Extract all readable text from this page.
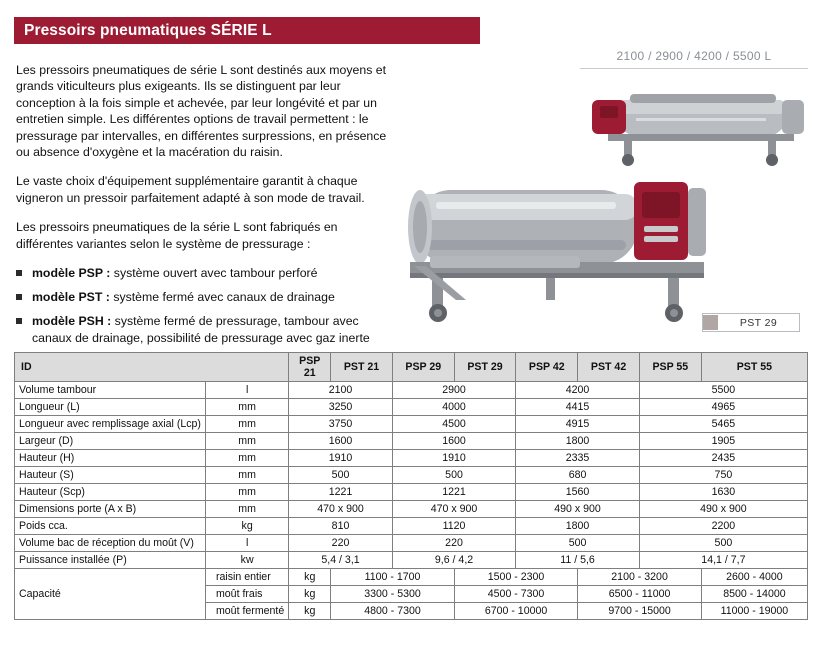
Pressoirs pneumatiques SÉRIE L
2100 / 2900 / 4200 / 5500 L

Les pressoirs pneumatiques de série L sont destinés aux moyens et grands viticulteurs plus exigeants. Ils se distinguent par leur conception à la fois simple et achevée, par leur longévité et par un entretien simple. Les différentes options de travail permettent : le pressurage par intervalles, en différentes surpressions, en présence ou absence d'oxygène et la macération du raisin.

Le vaste choix d'équipement supplémentaire garantit à chaque vigneron un pressoir parfaitement adapté à son mode de travail.

Les pressoirs pneumatiques de la série L sont fabriqués en différentes variantes selon le système de pressurage :

modèle PSP : système ouvert avec tambour perforé
modèle PST : système fermé avec canaux de drainage
modèle PSH : système fermé de pressurage, tambour avec canaux de drainage, possibilité de pressurage avec gaz inerte
PST 29
ID		PSP 21	PST 21	PSP 29	PST 29	PSP 42	PST 42	PSP 55	PST 55
Volume tambour	l	2100		2900		4200		5500	
Longueur (L)	mm	3250		4000		4415		4965	
Longueur avec remplissage axial (Lcp)	mm	3750		4500		4915		5465	
Largeur (D)	mm	1600		1600		1800		1905	
Hauteur (H)	mm	1910		1910		2335		2435	
Hauteur (S)	mm	500		500		680		750	
Hauteur (Scp)	mm	1221		1221		1560		1630	
Dimensions porte (A x B)	mm	470 x 900		470 x 900		490 x 900		490 x 900	
Poids cca.	kg	810		1120		1800		2200	
Volume bac de réception du moût (V)	l	220		220		500		500	
Puissance installée (P)	kw	5,4 / 3,1		9,6 / 4,2		11 / 5,6		14,1 / 7,7	
Capacité	raisin entier	kg	1100 - 1700		1500 - 2300		2100 - 3200		2600 - 4000
	moût frais	kg	3300 - 5300		4500 - 7300		6500 - 11000		8500 - 14000
	moût fermenté	kg	4800 - 7300		6700 - 10000		9700 - 15000		11000 - 19000
